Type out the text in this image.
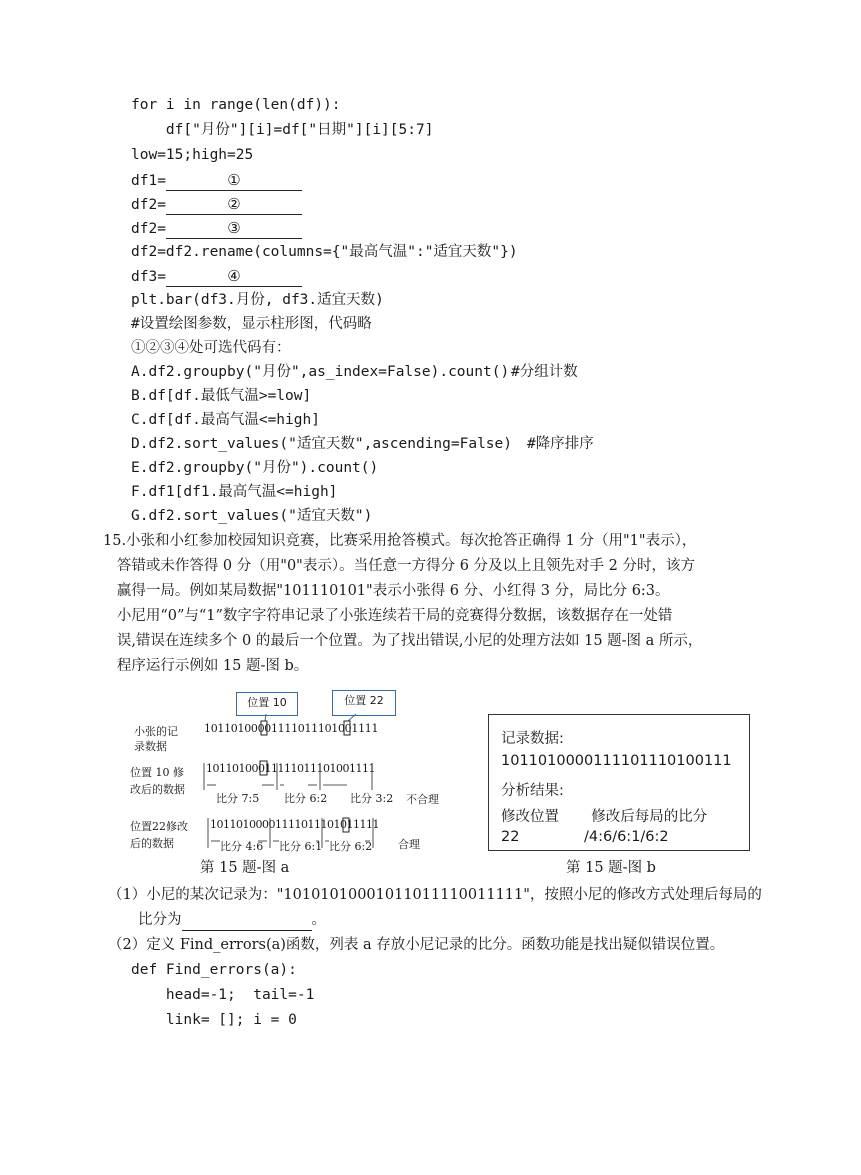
for i in range(len(df)):
df["月份"][i]=df["日期"][i][5:7]
low=15;high=25
df1=	①
df2=	②
df2=	③
df2=df2.rename(columns={"最高气温":"适宜天数"})
df3=	④
plt.bar(df3.月份, df3.适宜天数)
#设置绘图参数，显示柱形图，代码略
①②③④处可选代码有：
A.df2.groupby("月份",as_index=False).count() #分组计数
B.df[df.最低气温>=low]
C.df[df.最高气温<=high]
D.df2.sort_values("适宜天数",ascending=False) #降序排序
E.df2.groupby("月份").count()
F.df1[df1.最高气温<=high]
G.df2.sort_values("适宜天数")
15.小张和小红参加校园知识竞赛，比赛采用抢答模式。每次抢答正确得 1 分（用"1"表示），
答错或未作答得 0 分（用"0"表示）。当任意一方得分 6 分及以上且领先对手 2 分时，该方
赢得一局。例如某局数据"101110101"表示小张得 6 分、小红得 3 分，局比分 6:3。
小尼用“0”与“1”数字字符串记录了小张连续若干局的竞赛得分数据，该数据存在一处错
误,错误在连续多个 0 的最后一个位置。为了找出错误,小尼的处理方法如 15 题-图 a 所示，
程序运行示例如 15 题-图 b。
位置 10	位置 22
小张的记
录数据
10110100001111011101001111
位置 10 修
改后的数据
10110100011111011101001111
比分 7:5 比分 6:2 比分 3:2 不合理
位置22修改
后的数据
10110100001111011101011111
比分 4:6 比分 6:1 比分 6:2 合理
第 15 题-图 a
记录数据:
1011010000111101110100111
分析结果:
修改位置       修改后每局的比分
22              /4:6/6:1/6:2
第 15 题-图 b
（1）小尼的某次记录为："10101010001011011110011111"，按照小尼的修改方式处理后每局的
比分为	。
（2）定义 Find_errors(a)函数，列表 a 存放小尼记录的比分。函数功能是找出疑似错误位置。
def Find_errors(a):
head=-1;  tail=-1
link= []; i = 0
